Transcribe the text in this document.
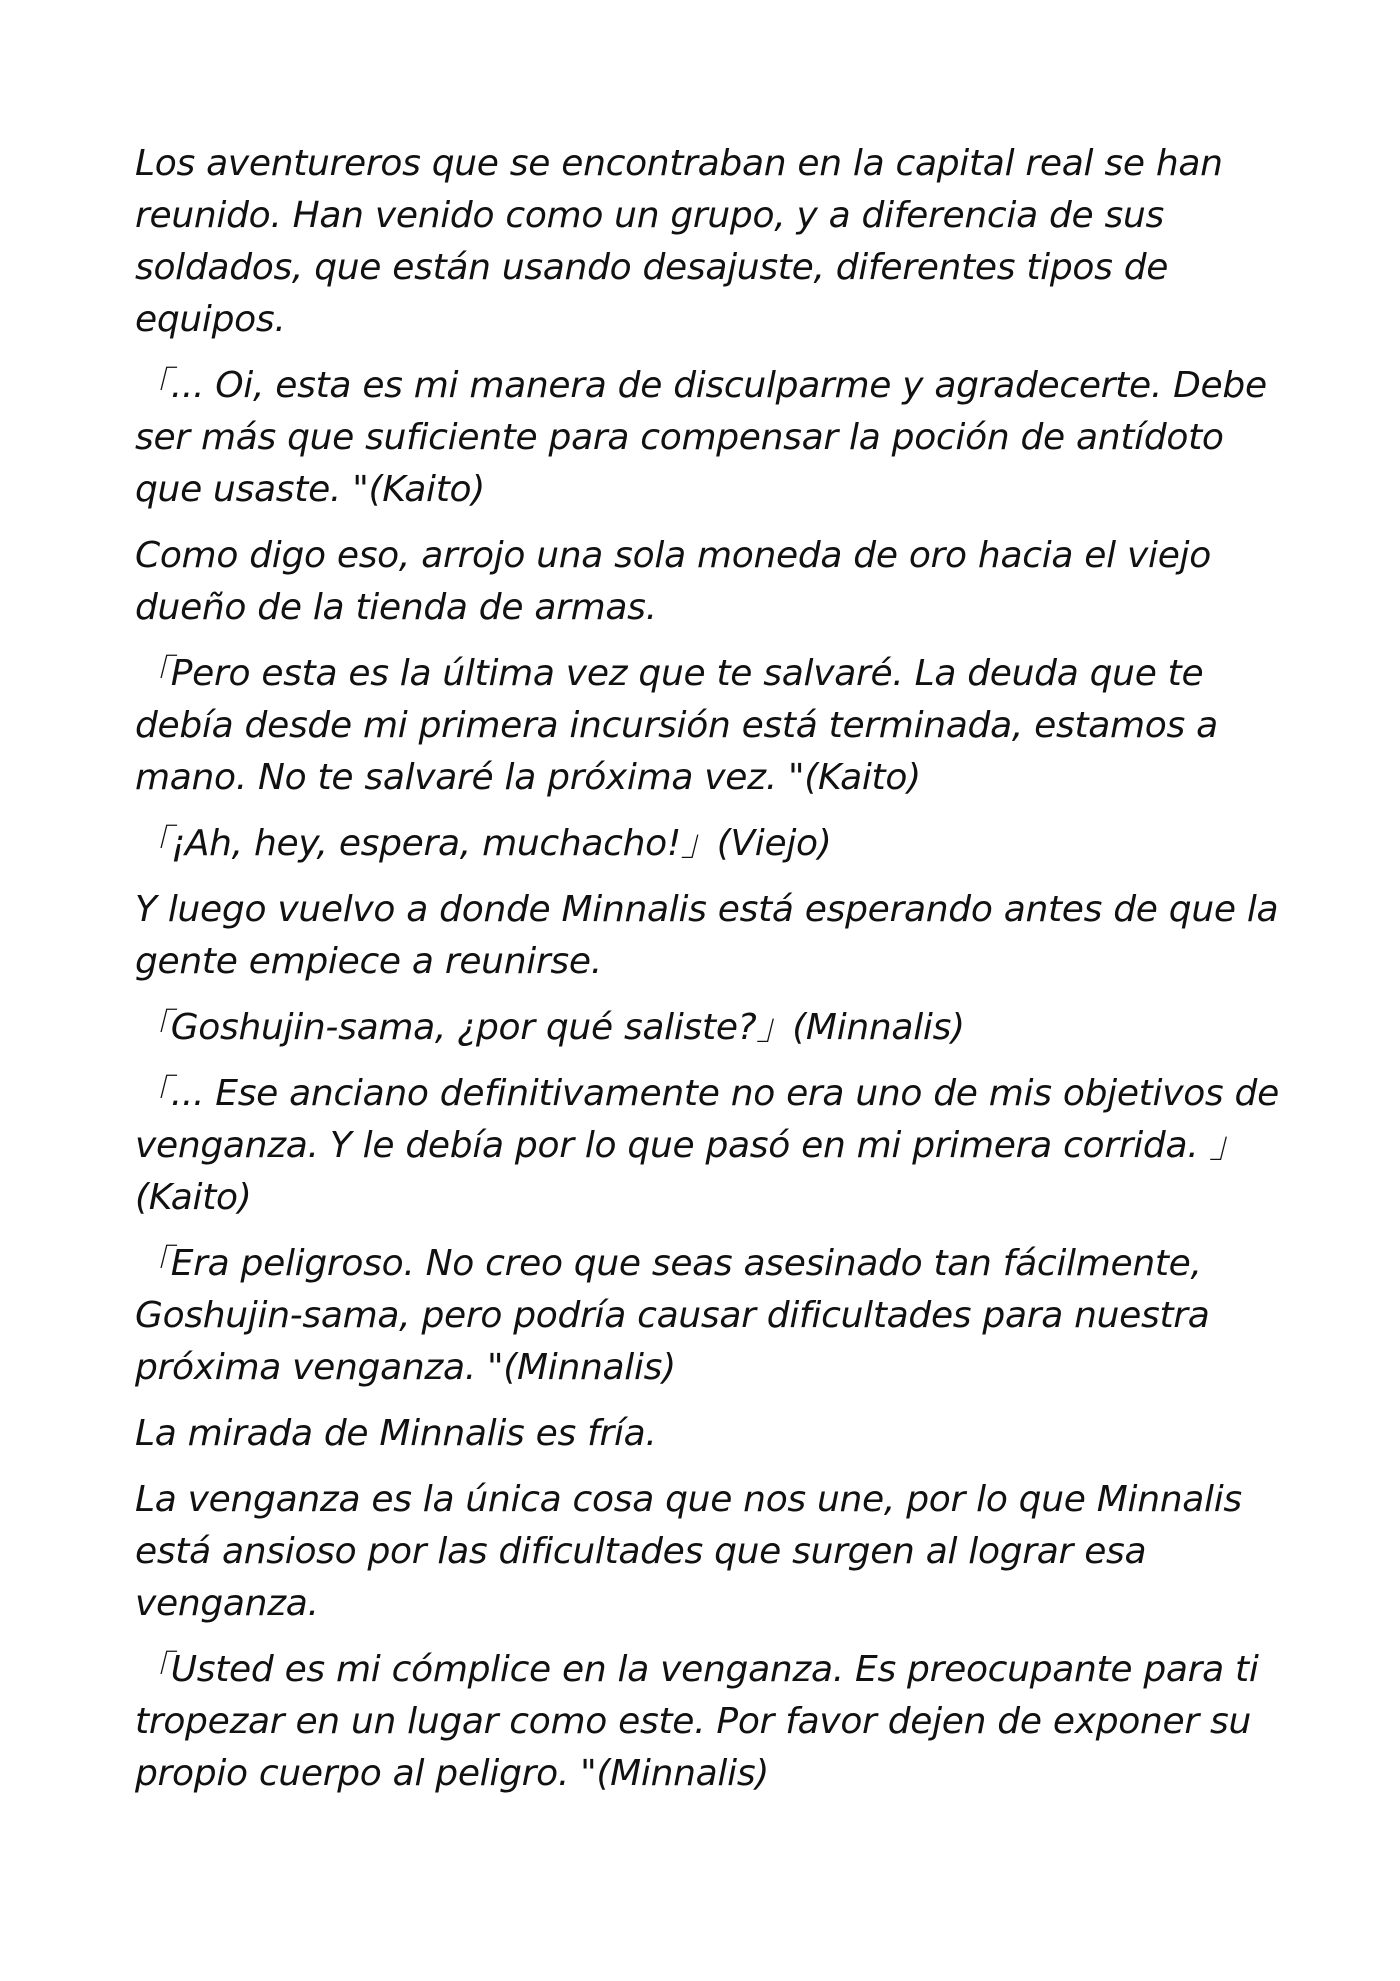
Los aventureros que se encontraban en la capital real se han reunido. Han venido como un grupo, y a diferencia de sus soldados, que están usando desajuste, diferentes tipos de equipos.

「... Oi, esta es mi manera de disculparme y agradecerte. Debe ser más que suficiente para compensar la poción de antídoto que usaste. "(Kaito)

Como digo eso, arrojo una sola moneda de oro hacia el viejo dueño de la tienda de armas.

「Pero esta es la última vez que te salvaré. La deuda que te debía desde mi primera incursión está terminada, estamos a mano. No te salvaré la próxima vez. "(Kaito)

「¡Ah, hey, espera, muchacho!」(Viejo)

Y luego vuelvo a donde Minnalis está esperando antes de que la gente empiece a reunirse.

「Goshujin-sama, ¿por qué saliste?」(Minnalis)

「... Ese anciano definitivamente no era uno de mis objetivos de venganza. Y le debía por lo que pasó en mi primera corrida. 」(Kaito)

「Era peligroso. No creo que seas asesinado tan fácilmente, Goshujin-sama, pero podría causar dificultades para nuestra próxima venganza. "(Minnalis)

La mirada de Minnalis es fría.

La venganza es la única cosa que nos une, por lo que Minnalis está ansioso por las dificultades que surgen al lograr esa venganza.

「Usted es mi cómplice en la venganza. Es preocupante para ti tropezar en un lugar como este. Por favor dejen de exponer su propio cuerpo al peligro. "(Minnalis)
